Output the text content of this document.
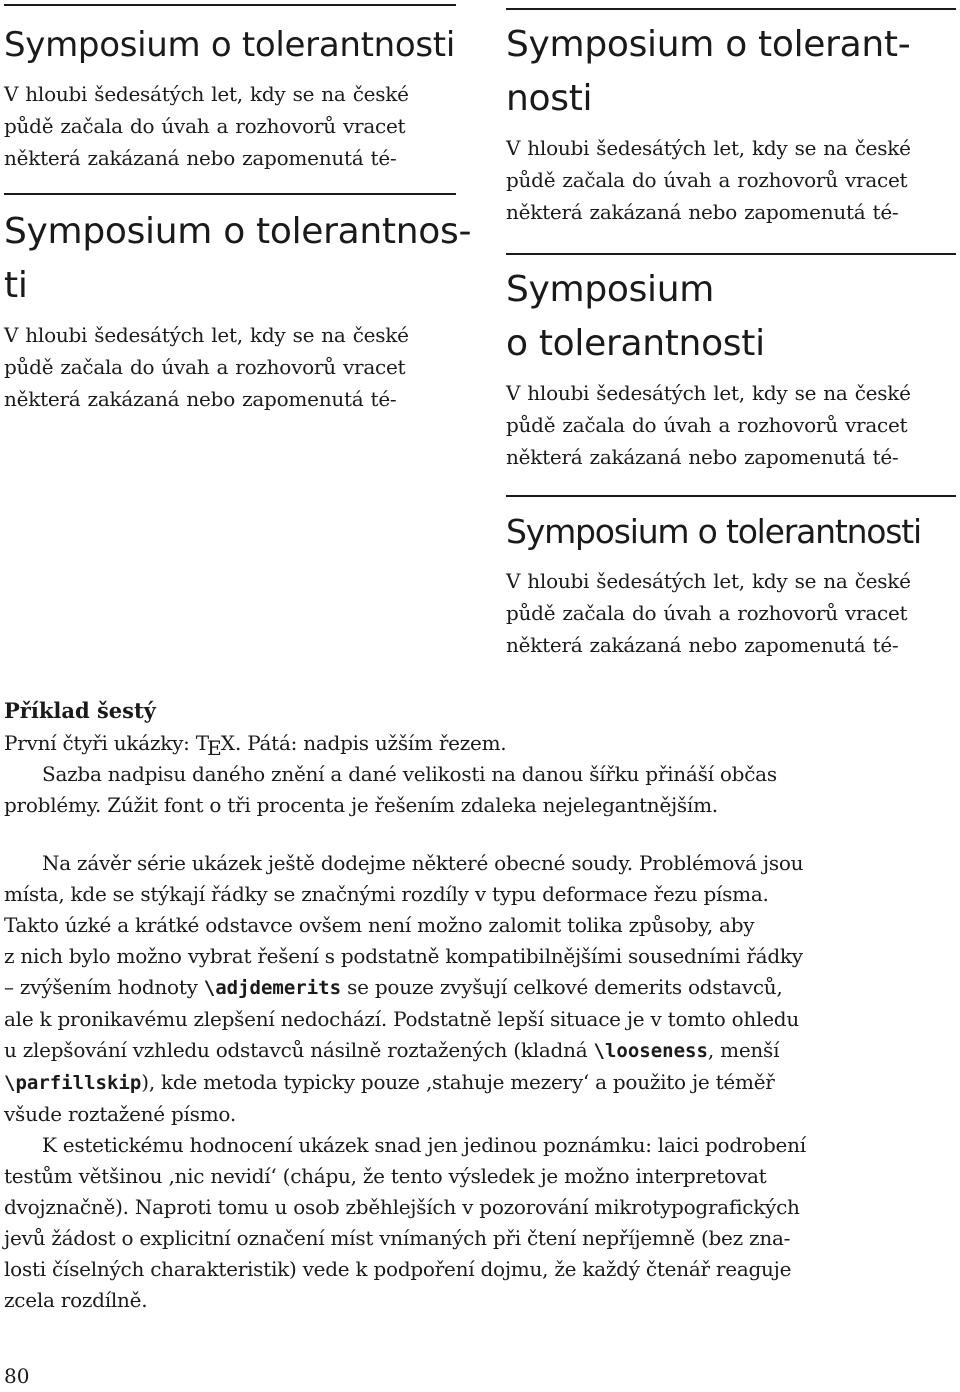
Symposium o tolerantnosti

V hloubi šedesátých let, kdy se na české

půdě začala do úvah a rozhovorů vracet

některá zakázaná nebo zapomenutá té-

Symposium o tolerantnos-
ti

V hloubi šedesátých let, kdy se na české

půdě začala do úvah a rozhovorů vracet

některá zakázaná nebo zapomenutá té-

Symposium o tolerant-
nosti

V hloubi šedesátých let, kdy se na české

půdě začala do úvah a rozhovorů vracet

některá zakázaná nebo zapomenutá té-

Symposium
o tolerantnosti

V hloubi šedesátých let, kdy se na české

půdě začala do úvah a rozhovorů vracet

některá zakázaná nebo zapomenutá té-

Symposium o tolerantnosti

V hloubi šedesátých let, kdy se na české

půdě začala do úvah a rozhovorů vracet

některá zakázaná nebo zapomenutá té-

Příklad šestý
První čtyři ukázky: TEX. Pátá: nadpis užším řezem.
Sazba nadpisu daného znění a dané velikosti na danou šířku přináší občas
problémy. Zúžit font o tři procenta je řešením zdaleka nejelegantnějším.
Na závěr série ukázek ještě dodejme některé obecné soudy. Problémová jsou
místa, kde se stýkají řádky se značnými rozdíly v typu deformace řezu písma.
Takto úzké a krátké odstavce ovšem není možno zalomit tolika způsoby, aby
z nich bylo možno vybrat řešení s podstatně kompatibilnějšími sousedními řádky
– zvýšením hodnoty \adjdemerits se pouze zvyšují celkové demerits odstavců,
ale k pronikavému zlepšení nedochází. Podstatně lepší situace je v tomto ohledu
u zlepšování vzhledu odstavců násilně roztažených (kladná \looseness, menší
\parfillskip), kde metoda typicky pouze ‚stahuje mezery‘ a použito je téměř
všude roztažené písmo.
K estetickému hodnocení ukázek snad jen jedinou poznámku: laici podrobení
testům většinou ‚nic nevidí‘ (chápu, že tento výsledek je možno interpretovat
dvojznačně). Naproti tomu u osob zběhlejších v pozorování mikrotypografických
jevů žádost o explicitní označení míst vnímaných při čtení nepříjemně (bez zna-
losti číselných charakteristik) vede k podpoření dojmu, že každý čtenář reaguje
zcela rozdílně.
80
